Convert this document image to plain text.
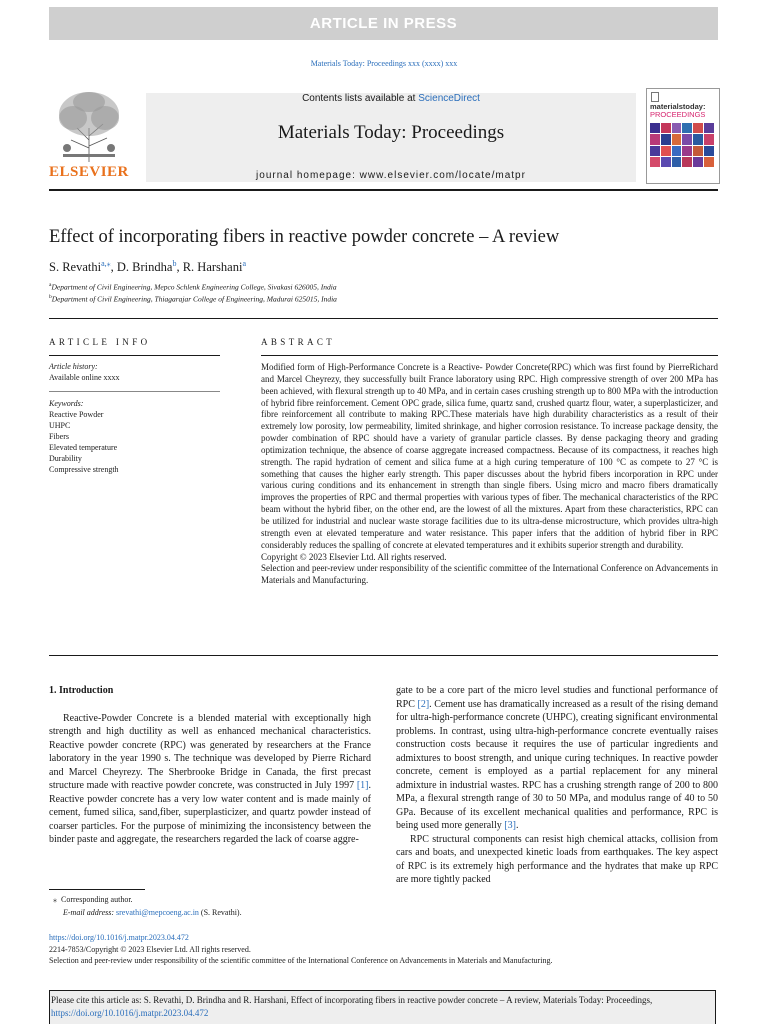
ARTICLE IN PRESS
Materials Today: Proceedings xxx (xxxx) xxx
ELSEVIER
Contents lists available at ScienceDirect
Materials Today: Proceedings
journal homepage: www.elsevier.com/locate/matpr
materialstoday:
PROCEEDINGS
Effect of incorporating fibers in reactive powder concrete – A review
S. Revathi$^{a,⁎}$, D. Brindha$^b$, R. Harshani$^a$
$^a$Department of Civil Engineering, Mepco Schlenk Engineering College, Sivakasi 626005, India
$^b$Department of Civil Engineering, Thiagarajar College of Engineering, Madurai 625015, India
ARTICLE INFO
Article history:
Available online xxxx
Keywords:
Reactive Powder
UHPC
Fibers
Elevated temperature
Durability
Compressive strength
ABSTRACT

Modified form of High-Performance Concrete is a Reactive- Powder Concrete(RPC) which was first found by PierreRichard and Marcel Cheyrezy, they successfully built France laboratory using RPC. High compressive strength of over 200 MPa has been achieved, with flexural strength up to 40 MPa, and in certain cases crushing strength up to 800 MPa with the introduction of hybrid fibre reinforcement. Cement OPC grade, silica fume, quartz sand, crushed quartz flour, water, a superplasticizer, and fibre reinforcement all contribute to making RPC.These materials have high durability characteristics as a result of their extremely low porosity, low permeability, limited shrinkage, and higher corrosion resistance. To increase package density, the powder combination of RPC should have a variety of granular particle classes. By dense packaging theory and grading optimization technique, the absence of coarse aggregate increased compactness. Because of its compactness, it reaches high strength. The rapid hydration of cement and silica fume at a high curing temperature of 100 °C as compete to 27 °C is something that causes the higher early strength. This paper discusses about the hybrid fibers incorporation in RPC under various curing conditions and its enhancement in strength than single fibers. Using micro and macro fibers dramatically improves the properties of RPC and thermal properties with various types of fiber. The mechanical characteristics of the RPC beam without the hybrid fiber, on the other end, are the lowest of all the mixtures. Apart from these characteristics, RPC can be utilized for industrial and nuclear waste storage facilities due to its ultra-dense microstructure, which provides ultra-high strength even at elevated temperature and water resistance. This paper infers that the addition of hybrid fiber in RPC considerably reduces the spalling of concrete at elevated temperatures and it exhibits superior strength and durability.

Copyright © 2023 Elsevier Ltd. All rights reserved.

Selection and peer-review under responsibility of the scientific committee of the International Conference on Advancements in Materials and Manufacturing.

1. Introduction

Reactive-Powder Concrete is a blended material with exceptionally high strength and high ductility as well as enhanced mechanical characteristics. Reactive powder concrete (RPC) was generated by researchers at the France laboratory in the year 1990 s. The technique was developed by Pierre Richard and Marcel Cheyrezy. The Sherbrooke Bridge in Canada, the first precast structure made with reactive powder concrete, was constructed in July 1997 [1]. Reactive powder concrete has a very low water content and is made mainly of cement, fumed silica, sand,fiber, superplasticizer, and quartz powder instead of coarser particles. For the purpose of minimizing the inconsistency between the binder paste and aggregate, the researchers regarded the lack of coarse aggre-

gate to be a core part of the micro level studies and functional performance of RPC [2]. Cement use has dramatically increased as a result of the rising demand for ultra-high-performance concrete (UHPC), creating significant environmental problems. In contrast, using ultra-high-performance concrete eventually raises construction costs because it requires the use of particular ingredients and admixtures to boost strength, and unique curing techniques. In reactive powder concrete, cement is employed as a partial replacement for any mineral admixture in industrial wastes. RPC has a crushing strength range of 200 to 800 MPa, a flexural strength range of 30 to 50 MPa, and modulus range of 40 to 50 GPa. Because of its excellent mechanical qualities and performance, RPC is being used more generally [3].

RPC structural components can resist high chemical attacks, collision from cars and boats, and unexpected kinetic loads from earthquakes. The key aspect of RPC is its extremely high performance and the hydrates that make up RPC are more tightly packed

⁎ Corresponding author.
E-mail address: srevathi@mepcoeng.ac.in (S. Revathi).
https://doi.org/10.1016/j.matpr.2023.04.472
2214-7853/Copyright © 2023 Elsevier Ltd. All rights reserved.
Selection and peer-review under responsibility of the scientific committee of the International Conference on Advancements in Materials and Manufacturing.
Please cite this article as: S. Revathi, D. Brindha and R. Harshani, Effect of incorporating fibers in reactive powder concrete – A review, Materials Today: Proceedings, https://doi.org/10.1016/j.matpr.2023.04.472
